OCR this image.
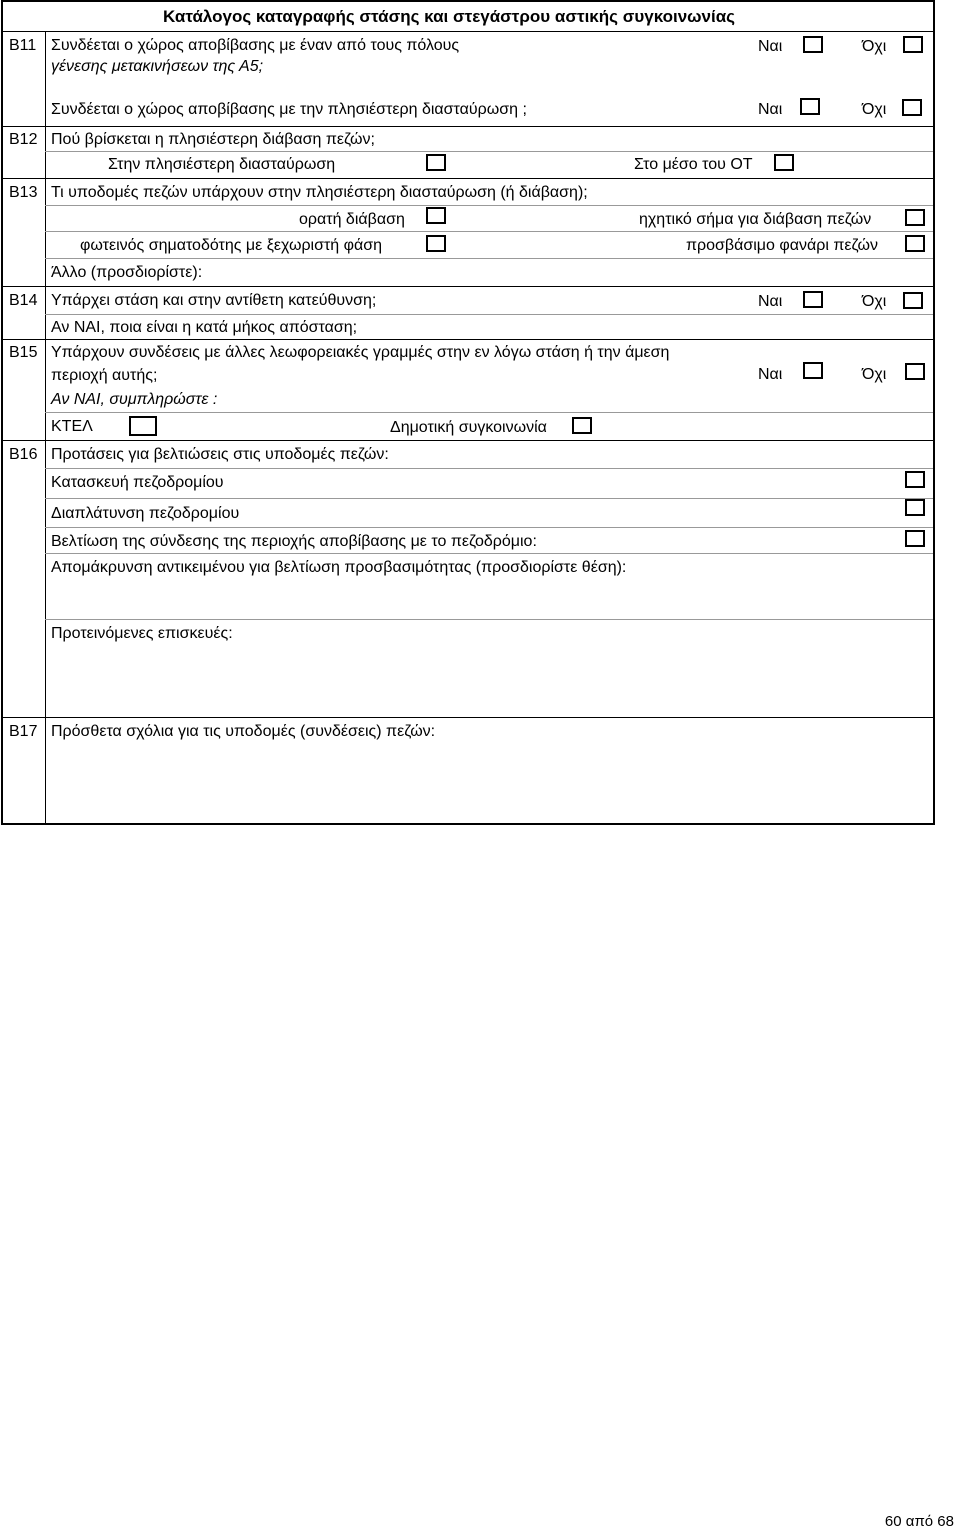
Κατάλογος καταγραφής στάσης και στεγάστρου αστικής συγκοινωνίας
Β11 Συνδέεται ο χώρος αποβίβασης με έναν από τους πόλους
γένεσης μετακινήσεων της Α5;
Ναι	Όχι
Συνδέεται ο χώρος αποβίβασης με την πλησιέστερη διασταύρωση ;	Ναι	Όχι
Β12 Πού βρίσκεται η πλησιέστερη διάβαση πεζών;
Στην πλησιέστερη διασταύρωση	Στο μέσο του ΟΤ
Β13 Τι υποδομές πεζών υπάρχουν στην πλησιέστερη διασταύρωση (ή διάβαση);
ορατή διάβαση	ηχητικό σήμα για διάβαση πεζών
φωτεινός σηματοδότης με ξεχωριστή φάση	προσβάσιμο φανάρι πεζών
Άλλο (προσδιορίστε):
Β14 Υπάρχει στάση και στην αντίθετη κατεύθυνση;	Ναι	Όχι
Αν ΝΑΙ, ποια είναι η κατά μήκος απόσταση;
Β15 Υπάρχουν συνδέσεις με άλλες λεωφορειακές γραμμές στην εν λόγω στάση ή την άμεση
περιοχή αυτής;	Ναι	Όχι
Αν ΝΑΙ, συμπληρώστε :
ΚΤΕΛ	Δημοτική συγκοινωνία
Β16 Προτάσεις για βελτιώσεις στις υποδομές πεζών:
Κατασκευή πεζοδρομίου
Διαπλάτυνση πεζοδρομίου
Βελτίωση της σύνδεσης της περιοχής αποβίβασης με το πεζοδρόμιο:
Απομάκρυνση αντικειμένου για βελτίωση προσβασιμότητας (προσδιορίστε θέση):
Προτεινόμενες επισκευές:
Β17 Πρόσθετα σχόλια για τις υποδομές (συνδέσεις) πεζών:
60 από 68
